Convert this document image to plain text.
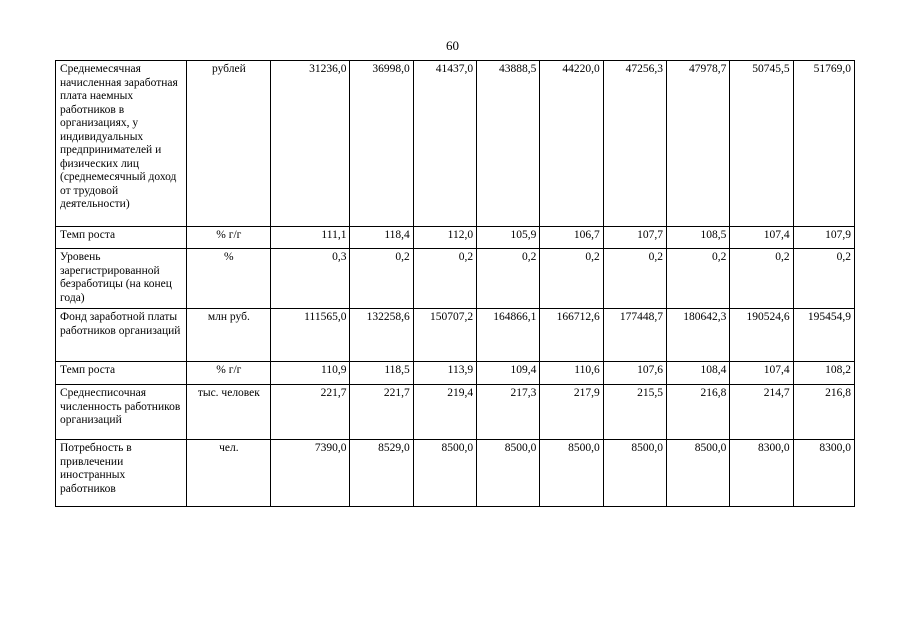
60
Среднемесячная начисленная заработная плата наемных работников в организациях, у индивидуальных предпринимателей и физических лиц (среднемесячный доход от трудовой деятельности)	рублей	31236,0	36998,0	41437,0	43888,5	44220,0	47256,3	47978,7	50745,5	51769,0
Темп роста	% г/г	111,1	118,4	112,0	105,9	106,7	107,7	108,5	107,4	107,9
Уровень зарегистрированной безработицы (на конец года)	%	0,3	0,2	0,2	0,2	0,2	0,2	0,2	0,2	0,2
Фонд заработной платы работников организаций	млн руб.	111565,0	132258,6	150707,2	164866,1	166712,6	177448,7	180642,3	190524,6	195454,9
Темп роста	% г/г	110,9	118,5	113,9	109,4	110,6	107,6	108,4	107,4	108,2
Среднесписочная численность работников организаций	тыс. человек	221,7	221,7	219,4	217,3	217,9	215,5	216,8	214,7	216,8
Потребность в привлечении иностранных работников	чел.	7390,0	8529,0	8500,0	8500,0	8500,0	8500,0	8500,0	8300,0	8300,0
